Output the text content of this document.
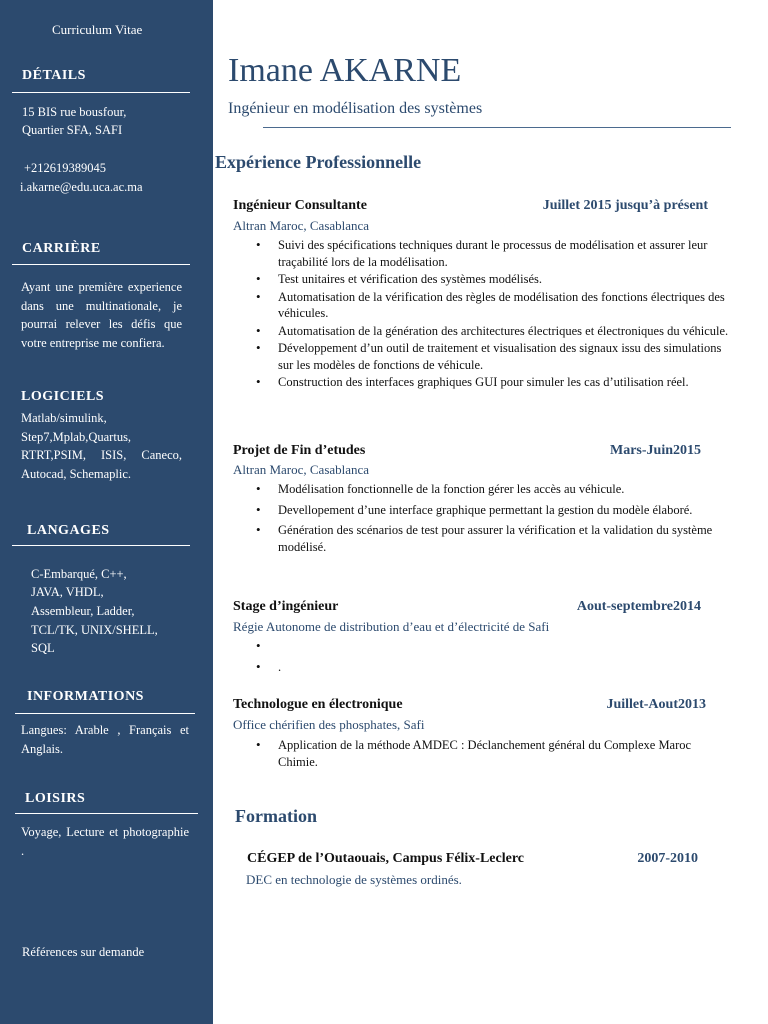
Curriculum Vitae
DÉTAILS
15 BIS rue bousfour,
Quartier SFA, SAFI
+212619389045
i.akarne@edu.uca.ac.ma
CARRIÈRE
Ayant une première experience dans une multinationale, je pourrai relever les défis que votre entreprise me confiera.
LOGICIELS
Matlab/simulink, Step7,Mplab,Quartus, RTRT,PSIM, ISIS, Caneco, Autocad, Schemaplic.
LANGAGES
C-Embarqué, C++,
JAVA, VHDL,
Assembleur, Ladder,
TCL/TK, UNIX/SHELL,
SQL
INFORMATIONS
Langues: Arable , Français et Anglais.
LOISIRS
Voyage, Lecture et photographie .
Références sur demande
Imane AKARNE
Ingénieur en modélisation des systèmes
Expérience Professionnelle
Ingénieur Consultante	Juillet 2015 jusqu’à présent
Altran Maroc, Casablanca
• Suivi des spécifications techniques durant le processus de modélisation et assurer leur traçabilité lors de la modélisation.
• Test unitaires et vérification des systèmes modélisés.
• Automatisation de la vérification des règles de modélisation des fonctions électriques des véhicules.
• Automatisation de la génération des architectures électriques et électroniques du véhicule.
• Développement d’un outil de traitement et visualisation des signaux issu des simulations sur les modèles de fonctions de véhicule.
• Construction des interfaces graphiques GUI pour simuler les cas d’utilisation réel.
Projet de Fin d’etudes	Mars-Juin2015
Altran Maroc, Casablanca
• Modélisation fonctionnelle de la fonction gérer les accès au véhicule.
• Devellopement d’une interface graphique permettant la gestion du modèle élaboré.
• Génération des scénarios de test pour assurer la vérification et la validation du système modélisé.
Stage d’ingénieur	Aout-septembre2014
Régie Autonome de distribution d’eau et d’électricité de Safi
•
• .
Technologue en électronique	Juillet-Aout2013
Office chérifien des phosphates, Safi
• Application de la méthode AMDEC : Déclanchement général du Complexe Maroc Chimie.
Formation
CÉGEP de l’Outaouais, Campus Félix-Leclerc	2007-2010
DEC en technologie de systèmes ordinés.
